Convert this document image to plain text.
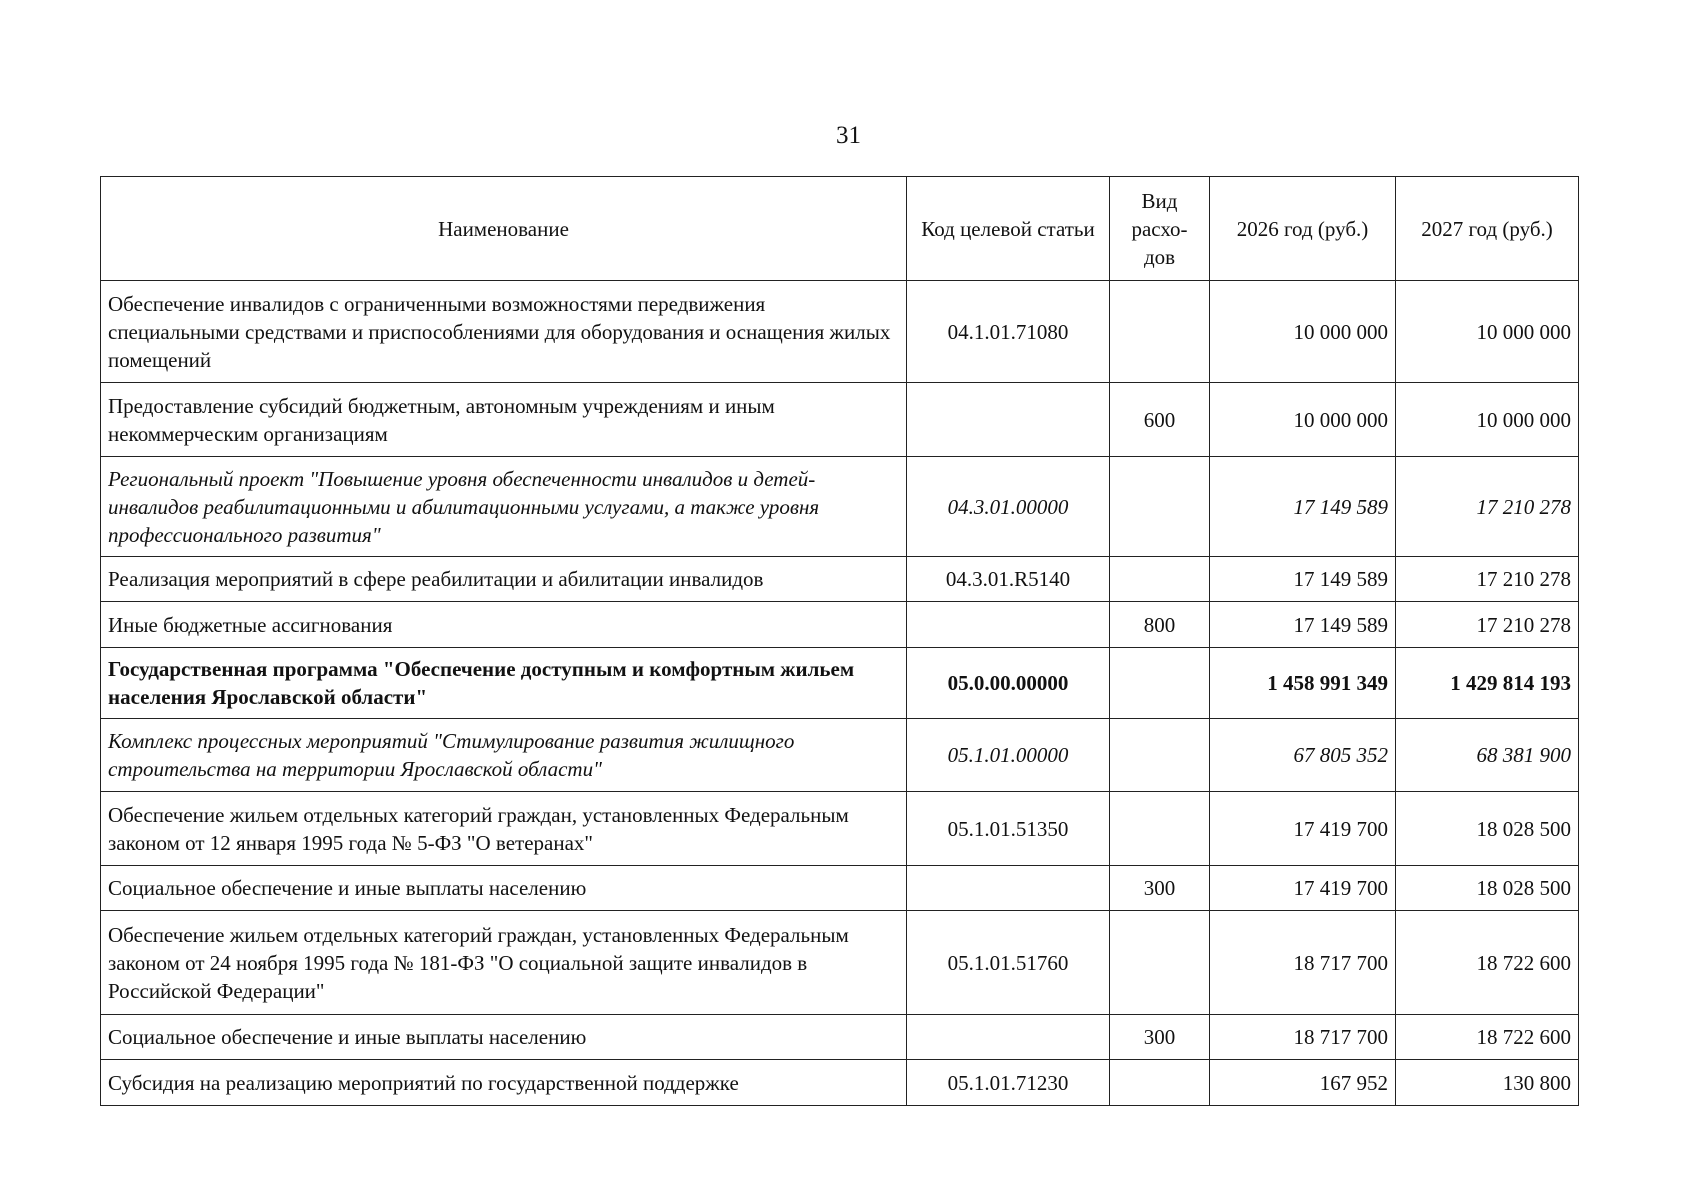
31
Наименование	Код целевой статьи	Вид расхо-дов	2026 год (руб.)	2027 год (руб.)
Обеспечение инвалидов с ограниченными возможностями передвижения специальными средствами и приспособлениями для оборудования и оснащения жилых помещений	04.1.01.71080		10 000 000	10 000 000
Предоставление субсидий бюджетным, автономным учреждениям и иным некоммерческим организациям		600	10 000 000	10 000 000
Региональный проект "Повышение уровня обеспеченности инвалидов и детей-инвалидов реабилитационными и абилитационными услугами, а также уровня профессионального развития"	04.3.01.00000		17 149 589	17 210 278
Реализация мероприятий в сфере реабилитации и абилитации инвалидов	04.3.01.R5140		17 149 589	17 210 278
Иные бюджетные ассигнования		800	17 149 589	17 210 278
Государственная программа "Обеспечение доступным и комфортным жильем населения Ярославской области"	05.0.00.00000		1 458 991 349	1 429 814 193
Комплекс процессных мероприятий "Стимулирование развития жилищного строительства на территории Ярославской области"	05.1.01.00000		67 805 352	68 381 900
Обеспечение жильем отдельных категорий граждан, установленных Федеральным законом от 12 января 1995 года № 5-ФЗ "О ветеранах"	05.1.01.51350		17 419 700	18 028 500
Социальное обеспечение и иные выплаты населению		300	17 419 700	18 028 500
Обеспечение жильем отдельных категорий граждан, установленных Федеральным законом от 24 ноября 1995 года № 181-ФЗ "О социальной защите инвалидов в Российской Федерации"	05.1.01.51760		18 717 700	18 722 600
Социальное обеспечение и иные выплаты населению		300	18 717 700	18 722 600
Субсидия на реализацию мероприятий по государственной поддержке	05.1.01.71230		167 952	130 800
